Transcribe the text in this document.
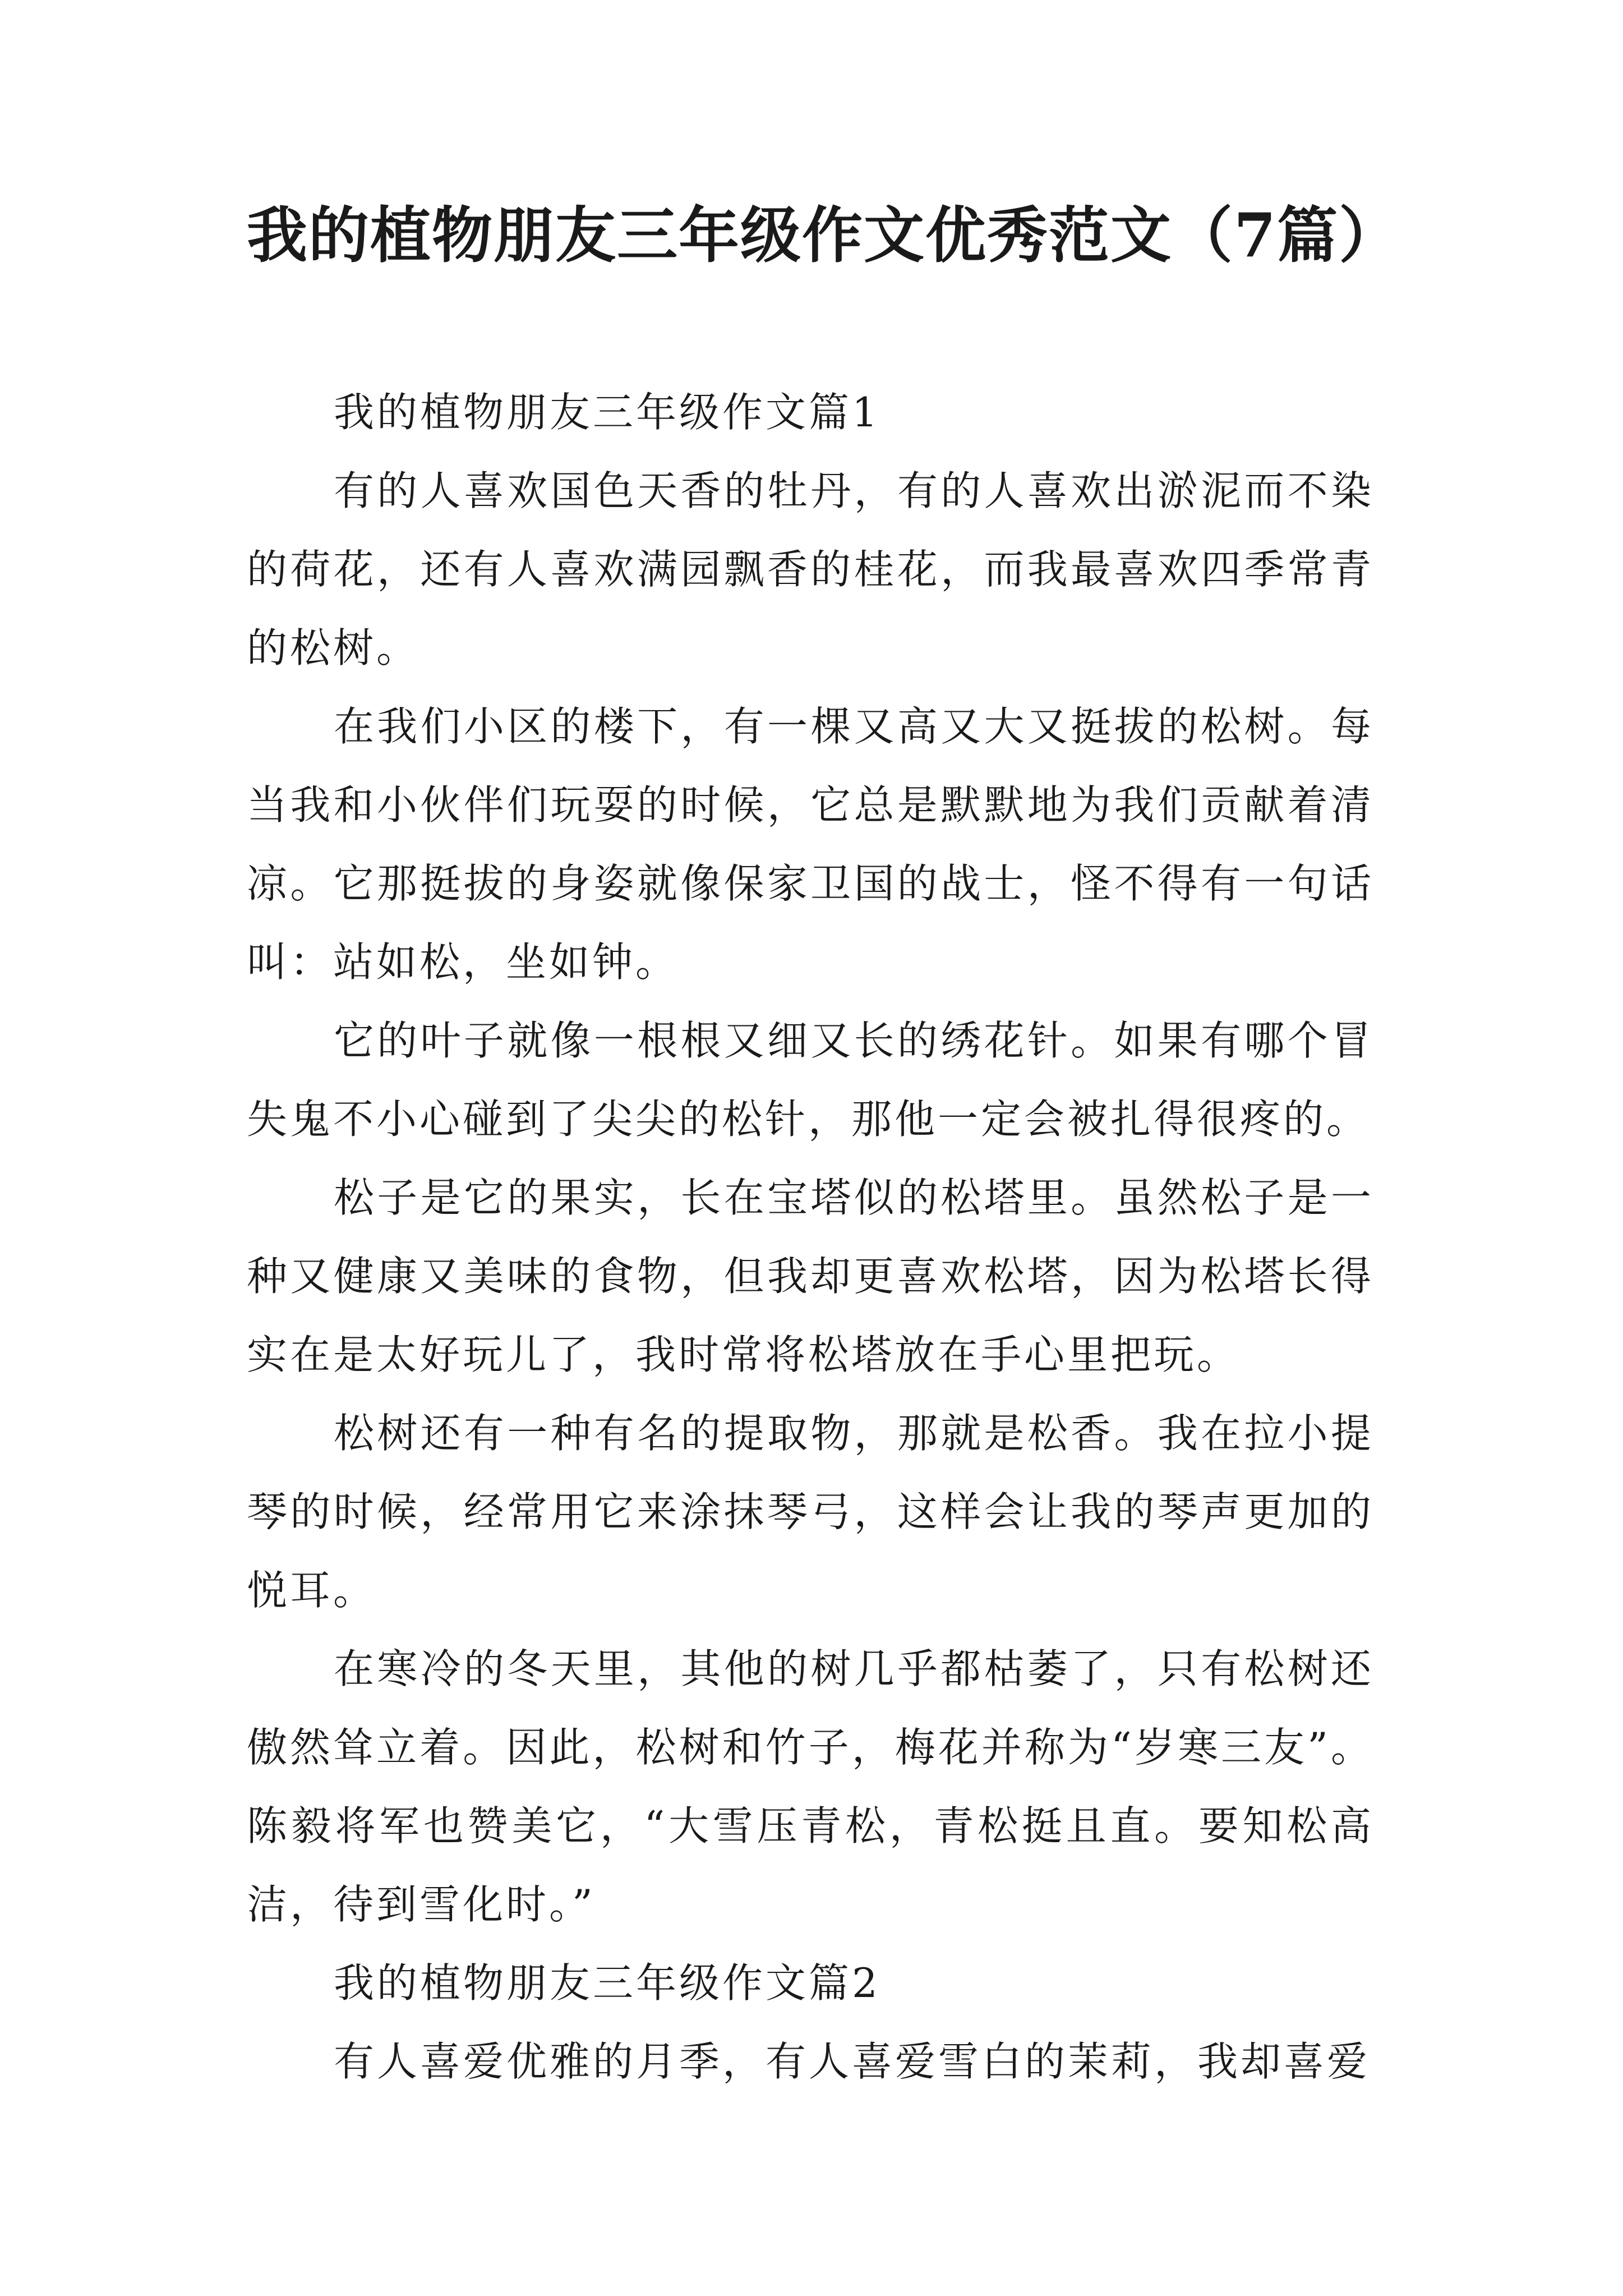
我的植物朋友三年级作文优秀范文（7篇）

我的植物朋友三年级作文篇1

有的人喜欢国色天香的牡丹，有的人喜欢出淤泥而不染的荷花，还有人喜欢满园飘香的桂花，而我最喜欢四季常青的松树。

在我们小区的楼下，有一棵又高又大又挺拔的松树。每当我和小伙伴们玩耍的时候，它总是默默地为我们贡献着清凉。它那挺拔的身姿就像保家卫国的战士，怪不得有一句话叫：站如松，坐如钟。

它的叶子就像一根根又细又长的绣花针。如果有哪个冒失鬼不小心碰到了尖尖的松针，那他一定会被扎得很疼的。

松子是它的果实，长在宝塔似的松塔里。虽然松子是一种又健康又美味的食物，但我却更喜欢松塔，因为松塔长得实在是太好玩儿了，我时常将松塔放在手心里把玩。

松树还有一种有名的提取物，那就是松香。我在拉小提琴的时候，经常用它来涂抹琴弓，这样会让我的琴声更加的悦耳。

在寒冷的冬天里，其他的树几乎都枯萎了，只有松树还傲然耸立着。因此，松树和竹子，梅花并称为“岁寒三友”。陈毅将军也赞美它，“大雪压青松，青松挺且直。要知松高洁，待到雪化时。”

我的植物朋友三年级作文篇2

有人喜爱优雅的月季，有人喜爱雪白的茉莉，我却喜爱
